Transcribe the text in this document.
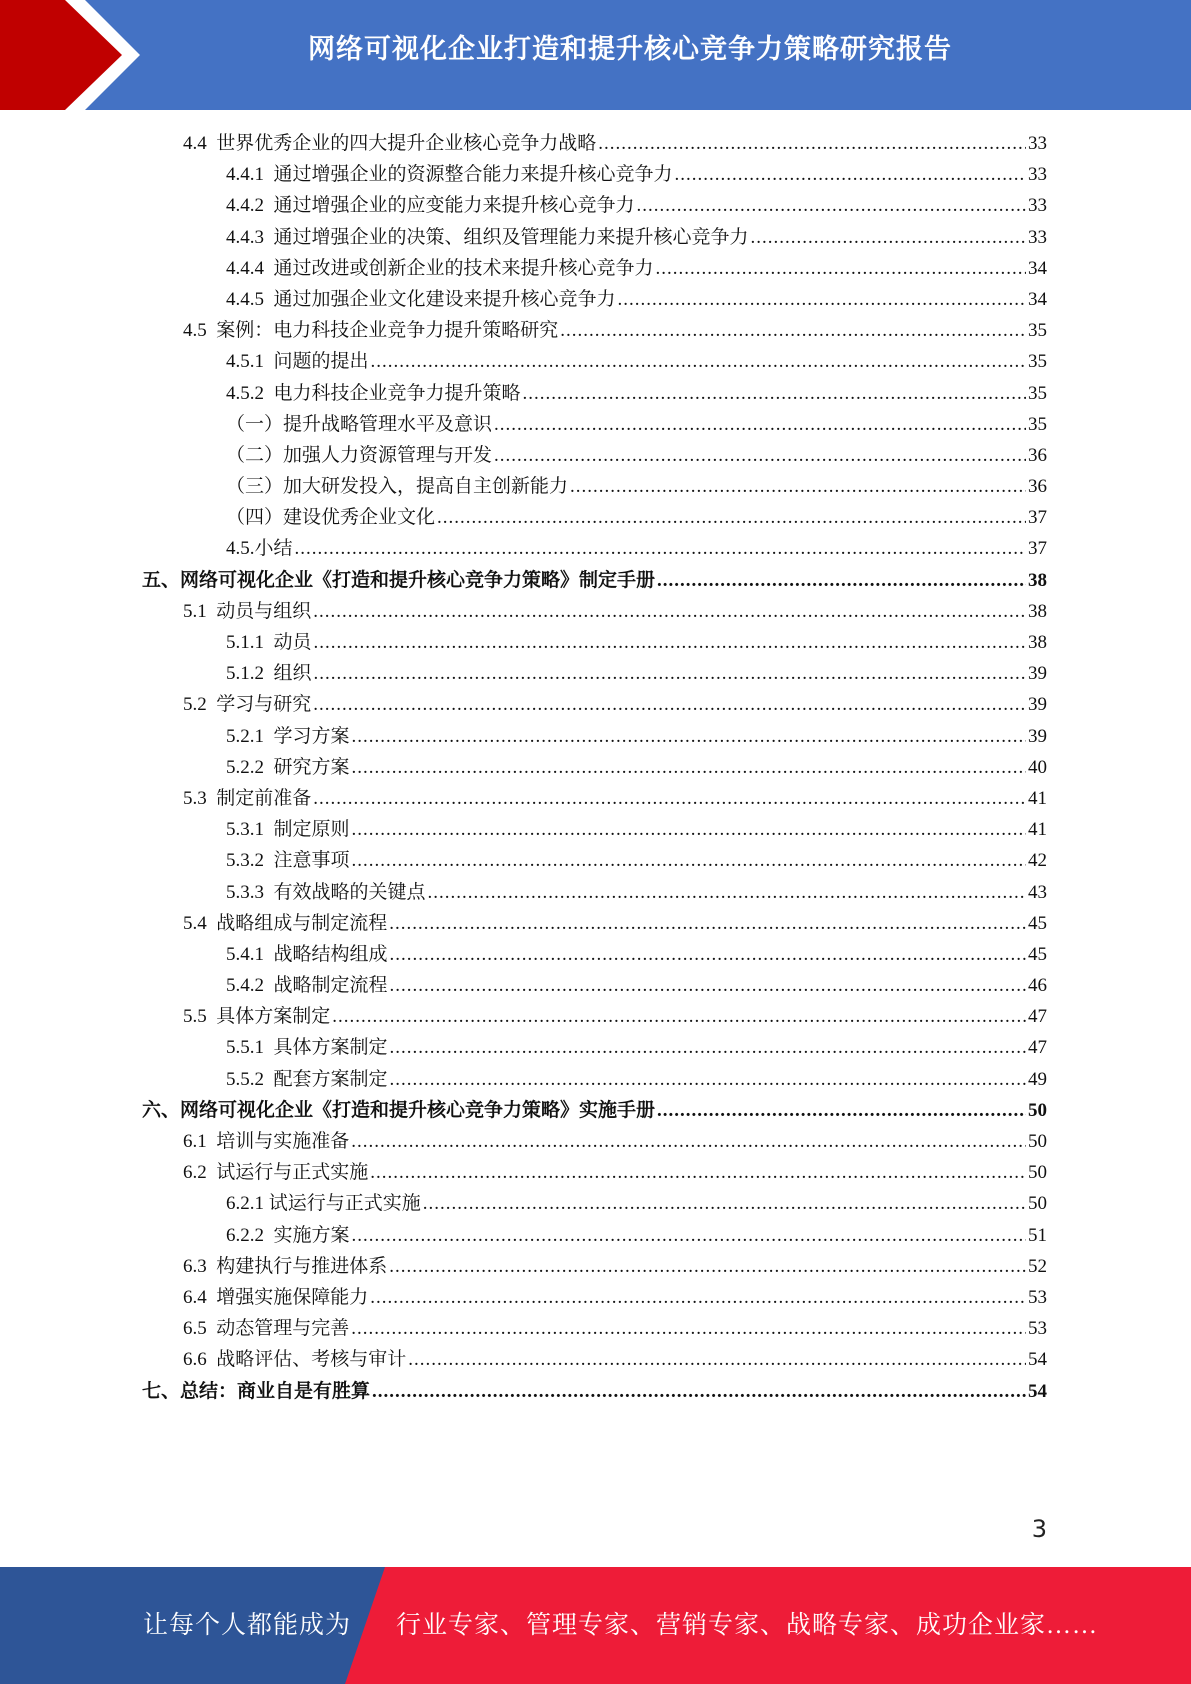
网络可视化企业打造和提升核心竞争力策略研究报告
4.4 世界优秀企业的四大提升企业核心竞争力战略 .....	33
4.4.1 通过增强企业的资源整合能力来提升核心竞争力 .....	33
4.4.2 通过增强企业的应变能力来提升核心竞争力 .....	33
4.4.3 通过增强企业的决策、组织及管理能力来提升核心竞争力 .....	33
4.4.4 通过改进或创新企业的技术来提升核心竞争力 .....	34
4.4.5 通过加强企业文化建设来提升核心竞争力 .....	34
4.5 案例：电力科技企业竞争力提升策略研究 .....	35
4.5.1 问题的提出 .....	35
4.5.2 电力科技企业竞争力提升策略 .....	35
（一）提升战略管理水平及意识 .....	35
（二）加强人力资源管理与开发 .....	36
（三）加大研发投入，提高自主创新能力 .....	36
（四）建设优秀企业文化 .....	37
4.5.小结 .....	37
五、网络可视化企业《打造和提升核心竞争力策略》制定手册 .....	38
5.1 动员与组织 .....	38
5.1.1 动员 .....	38
5.1.2 组织 .....	39
5.2 学习与研究 .....	39
5.2.1 学习方案 .....	39
5.2.2 研究方案 .....	40
5.3 制定前准备 .....	41
5.3.1 制定原则 .....	41
5.3.2 注意事项 .....	42
5.3.3 有效战略的关键点 .....	43
5.4 战略组成与制定流程 .....	45
5.4.1 战略结构组成 .....	45
5.4.2 战略制定流程 .....	46
5.5 具体方案制定 .....	47
5.5.1 具体方案制定 .....	47
5.5.2 配套方案制定 .....	49
六、网络可视化企业《打造和提升核心竞争力策略》实施手册 .....	50
6.1 培训与实施准备 .....	50
6.2 试运行与正式实施 .....	50
6.2.1 试运行与正式实施 .....	50
6.2.2 实施方案 .....	51
6.3 构建执行与推进体系 .....	52
6.4 增强实施保障能力 .....	53
6.5 动态管理与完善 .....	53
6.6 战略评估、考核与审计 .....	54
七、总结：商业自是有胜算 .....	54
3
让每个人都能成为 行业专家、管理专家、营销专家、战略专家、成功企业家……
